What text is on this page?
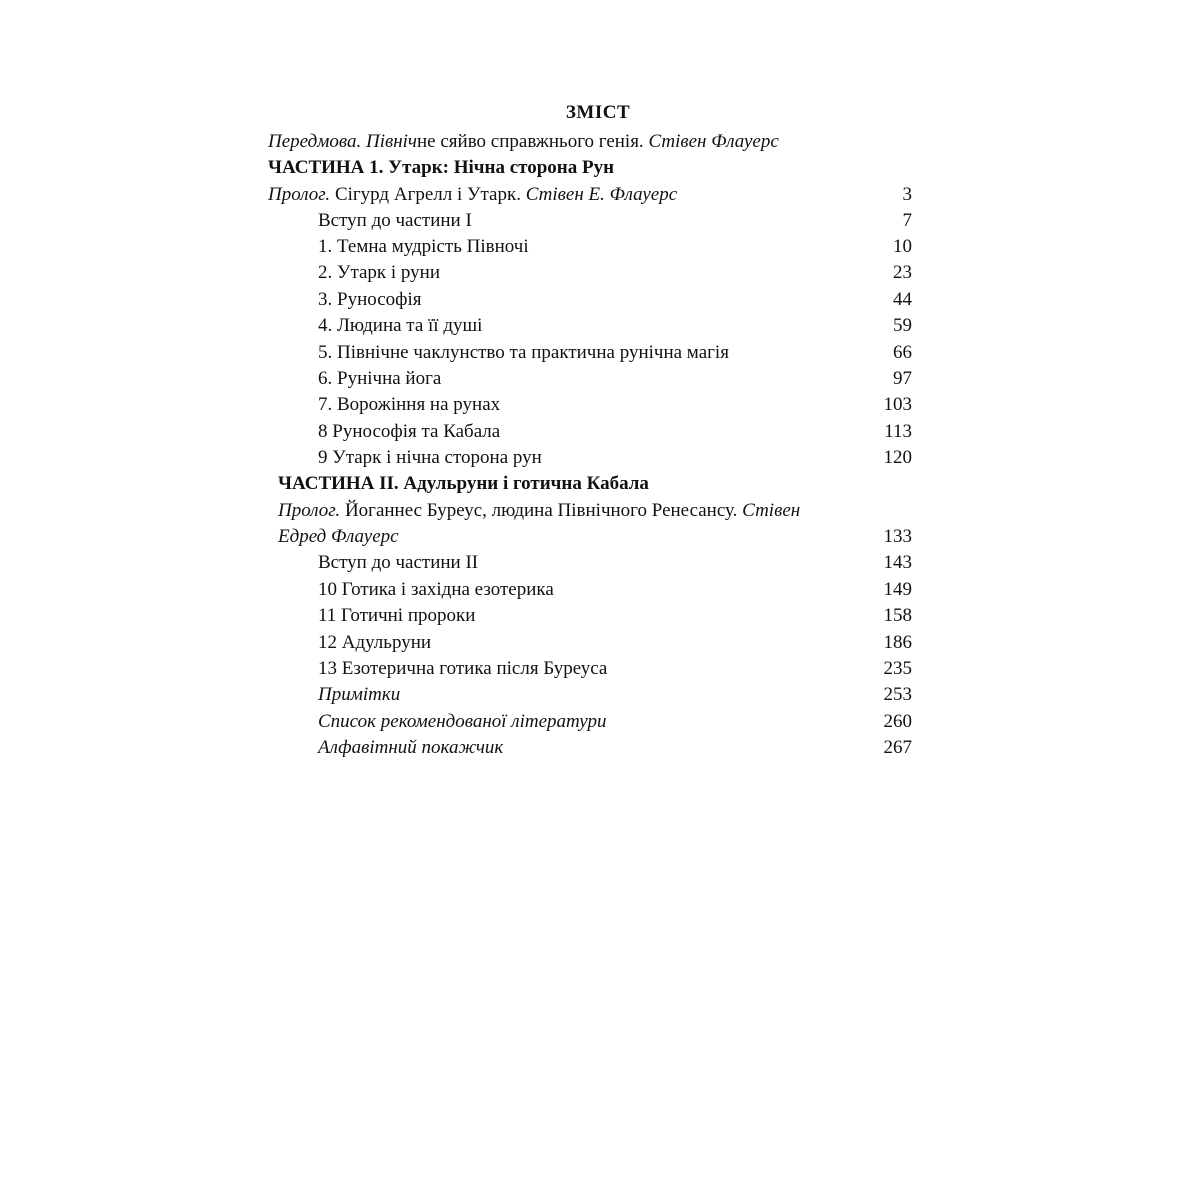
ЗМІСТ
Передмова. Північне сяйво справжнього генія. Стівен Флауерс
ЧАСТИНА 1. Утарк: Нічна сторона Рун
Пролог. Сігурд Агрелл і Утарк. Стівен Е. Флауерс	3
Вступ до частини І	7
1. Темна мудрість Півночі	10
2. Утарк і руни	23
3. Рунософія	44
4. Людина та її душі	59
5. Північне чаклунство та практична рунічна магія	66
6. Рунічна йога	97
7. Ворожіння на рунах	103
8 Рунософія та Кабала	113
9 Утарк і нічна сторона рун	120
ЧАСТИНА ІІ. Адульруни і готична Кабала
Пролог. Йоганнес Буреус, людина Північного Ренесансу. Стівен
Едред Флауерс	133
Вступ до частини ІІ	143
10 Готика і західна езотерика	149
11 Готичні пророки	158
12 Адульруни	186
13 Езотерична готика після Буреуса	235
Примітки	253
Список рекомендованої літератури	260
Алфавітний покажчик	267
